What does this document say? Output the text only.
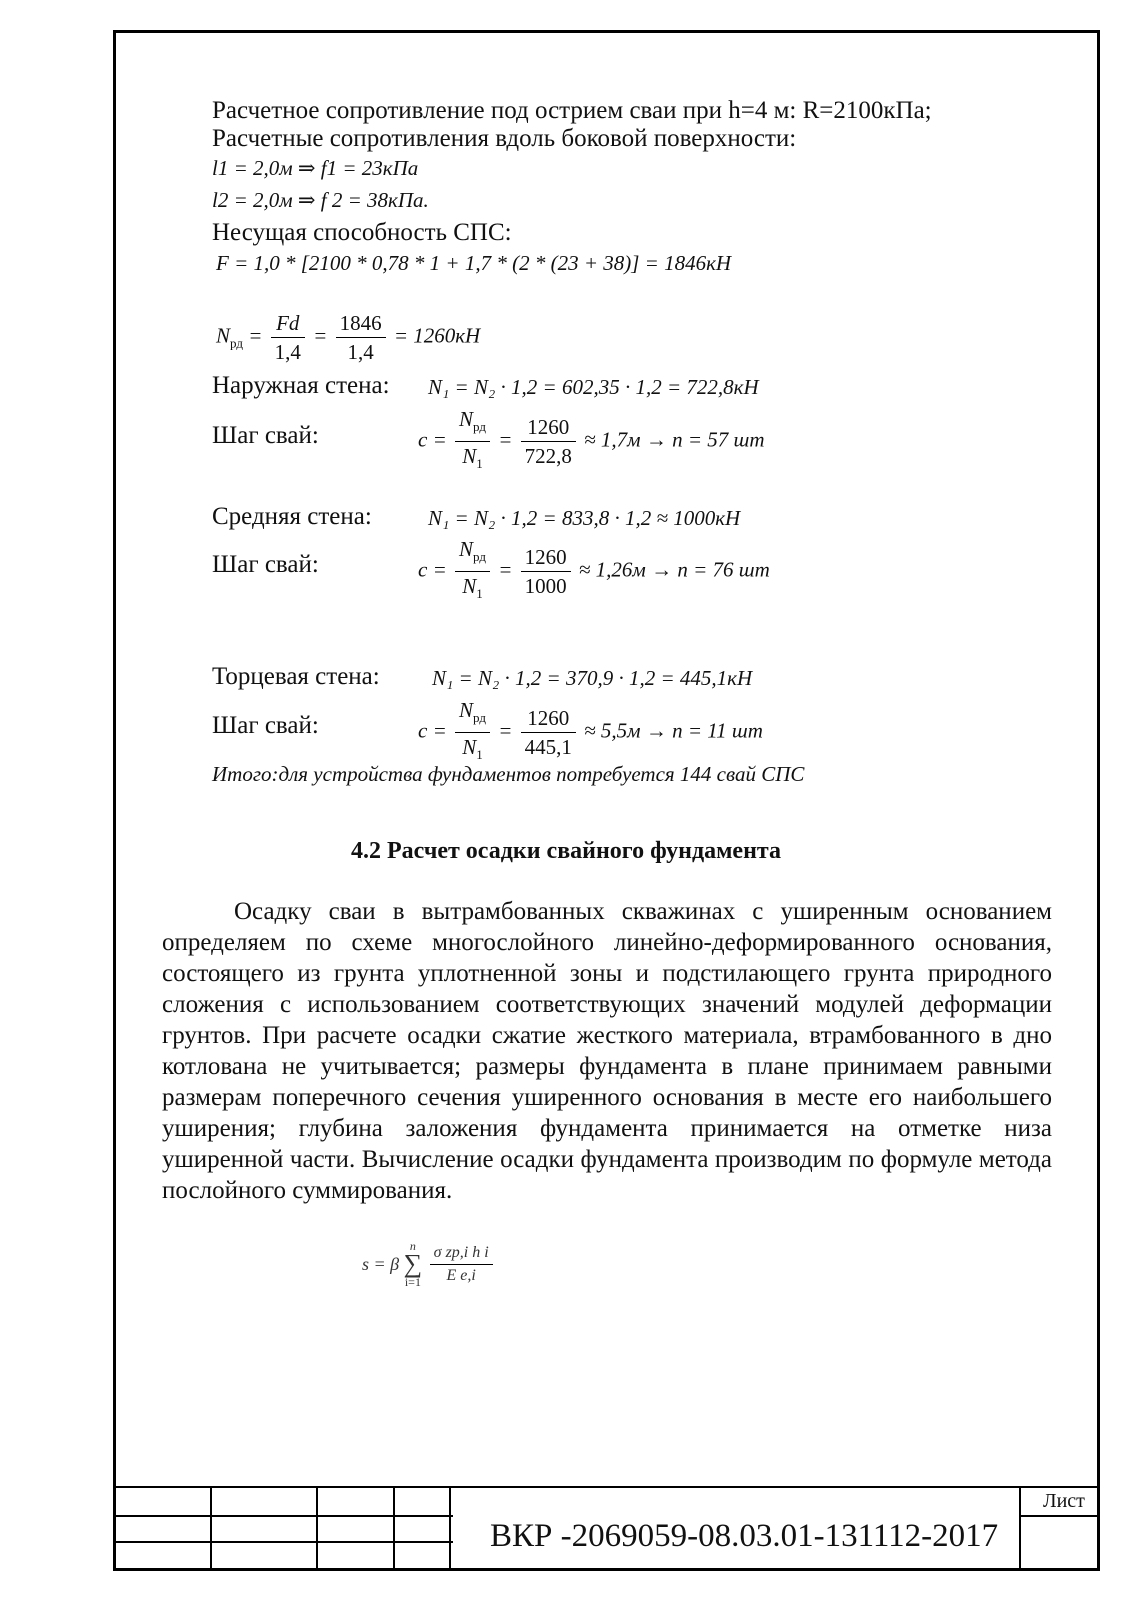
Расчетное сопротивление под острием сваи при h=4 м: R=2100кПа;
Расчетные сопротивления вдоль боковой поверхности:
l1 = 2,0м ⇒ f1 = 23кПа
l2 = 2,0м ⇒ f 2 = 38кПа.
Несущая способность СПС:
F = 1,0 * [2100 * 0,78 * 1 + 1,7 * (2 * (23 + 38)] = 1846кН
$N_{рд} = \frac{Fd}{1,4} = \frac{1846}{1,4} = 1260кН$
Наружная стена: N₁ = N₂ · 1,2 = 602,35 · 1,2 = 722,8кН
Шаг свай:	$c = \frac{N_{рд}}{N_1} = \frac{1260}{722,8} \approx 1,7м \to n = 57$ шт
Средняя стена:	N₁ = N₂ · 1,2 = 833,8 · 1,2 ≈ 1000кН
Шаг свай:	$c = \frac{N_{рд}}{N_1} = \frac{1260}{1000} \approx 1,26м \to n = 76$ шт
Торцевая стена: N₁ = N₂ · 1,2 = 370,9 · 1,2 = 445,1кН
Шаг свай:	$c = \frac{N_{рд}}{N_1} = \frac{1260}{445,1} \approx 5,5м \to n = 11$ шт
Итого:для устройства фундаментов потребуется 144 свай СПС
4.2 Расчет осадки свайного фундамента

Осадку сваи в вытрамбованных скважинах с уширенным основанием определяем по схеме многослойного линейно-деформированного основания, состоящего из грунта уплотненной зоны и подстилающего грунта природного сложения с использованием соответствующих значений модулей деформации грунтов. При расчете осадки сжатие жесткого материала, втрамбованного в дно котлована не учитывается; размеры фундамента в плане принимаем равными размерам поперечного сечения уширенного основания в месте его наибольшего уширения; глубина заложения фундамента принимается на отметке низа уширенной части. Вычисление осадки фундамента производим по формуле метода послойного суммирования.

s = β
n
∑
i=1
$\frac{\text{σ zp,i h i}}{\text{E e,i}}$
ВКР -2069059-08.03.01-131112-2017
Лист
